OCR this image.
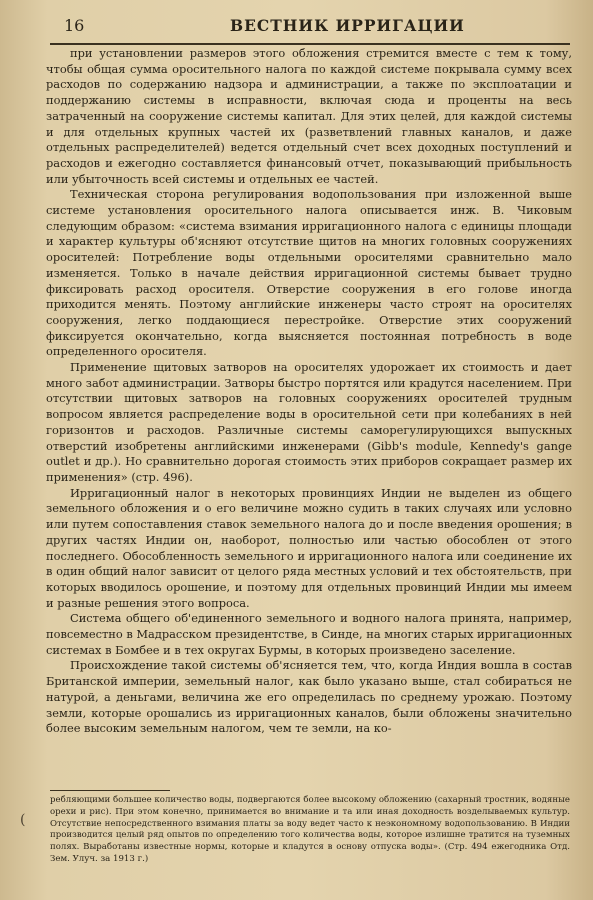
16	ВЕСТНИК ИРРИГАЦИИ

при установлении размеров этого обложения стремится вместе с тем к тому, чтобы общая сумма оросительного налога по каждой системе покрывала сумму всех расходов по содержанию надзора и администрации, а также по эксплоатации и поддержанию системы в исправности, включая сюда и проценты на весь затраченный на сооружение системы капитал. Для этих целей, для каждой системы и для отдельных крупных частей их (разветвлений главных каналов, и даже отдельных распределителей) ведется отдельный счет всех доходных поступлений и расходов и ежегодно составляется финансовый отчет, показывающий прибыльность или убыточность всей системы и отдельных ее частей.

Техническая сторона регулирования водопользования при изложенной выше системе установления оросительного налога описывается инж. В. Чиковым следующим образом: «система взимания ирригационного налога с единицы площади и характер культуры об'ясняют отсутствие щитов на многих головных сооружениях оросителей: Потребление воды отдельными оросителями сравнительно мало изменяется. Только в начале действия ирригационной системы бывает трудно фиксировать расход оросителя. Отверстие сооружения в его голове иногда приходится менять. Поэтому английские инженеры часто строят на оросителях сооружения, легко поддающиеся перестройке. Отверстие этих сооружений фиксируется окончательно, когда выясняется постоянная потребность в воде определенного оросителя.

Применение щитовых затворов на оросителях удорожает их стоимость и дает много забот администрации. Затворы быстро портятся или крадутся населением. При отсутствии щитовых затворов на головных сооружениях оросителей трудным вопросом является распределение воды в оросительной сети при колебаниях в ней горизонтов и расходов. Различные системы саморегулирующихся выпускных отверстий изобретены английскими инженерами (Gibb's module, Kennedy's gange outlet и др.). Но сравнительно дорогая стоимость этих приборов сокращает размер их применения» (стр. 496).

Ирригационный налог в некоторых провинциях Индии не выделен из общего земельного обложения и о его величине можно судить в таких случаях или условно или путем сопоставления ставок земельного налога до и после введения орошения; в других частях Индии он, наоборот, полностью или частью обособлен от этого последнего. Обособленность земельного и ирригационного налога или соединение их в один общий налог зависит от целого ряда местных условий и тех обстоятельств, при которых вводилось орошение, и поэтому для отдельных провинций Индии мы имеем и разные решения этого вопроса.

Система общего об'единенного земельного и водного налога принята, например, повсеместно в Мадрасском президентстве, в Синде, на многих старых ирригационных системах в Бомбее и в тех округах Бурмы, в которых произведено заселение.

Происхождение такой системы об'ясняется тем, что, когда Индия вошла в состав Британской империи, земельный налог, как было указано выше, стал собираться не натурой, а деньгами, величина же его определилась по среднему урожаю. Поэтому земли, которые орошались из ирригационных каналов, были обложены значительно более высоким земельным налогом, чем те земли, на ко-

(
ребляющими большее количество воды, подвергаются более высокому обложению (сахарный тростник, водяные орехи и рис). При этом конечно, принимается во внимание и та или иная доходность возделываемых культур. Отсутствие непосредственного взимания платы за воду ведет часто к неэкономному водопользованию. В Индии производится целый ряд опытов по определению того количества воды, которое излишне тратится на туземных полях. Выработаны известные нормы, которые и кладутся в основу отпуска воды». (Стр. 494 ежегодника Отд. Зем. Улуч. за 1913 г.)
